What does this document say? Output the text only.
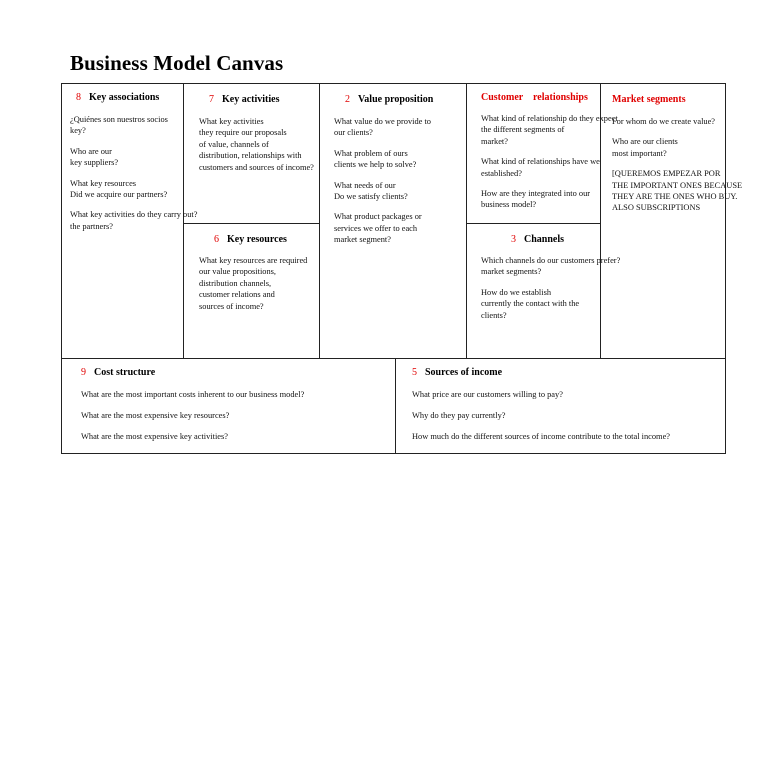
Business Model Canvas
8 Key associations
¿Quiénes son nuestros socios
key?
Who are our
key suppliers?
What key resources
Did we acquire our partners?
What key activities do they carry out?
the partners?
7 Key activities
What key activities
they require our proposals
of value, channels of
distribution, relationships with
customers and sources of income?
6 Key resources
What key resources are required
our value propositions,
distribution channels,
customer relations and
sources of income?
2 Value proposition
What value do we provide to
our clients?
What problem of ours
clients we help to solve?
What needs of our
Do we satisfy clients?
What product packages or
services we offer to each
market segment?
Customer    relationships
What kind of relationship do they expect
the different segments of
market?
What kind of relationships have we
established?
How are they integrated into our
business model?
3 Channels
Which channels do our customers prefer?
market segments?
How do we establish
currently the contact with the
clients?
Market segments
For whom do we create value?
Who are our clients
most important?
[QUEREMOS EMPEZAR POR
THE IMPORTANT ONES BECAUSE
THEY ARE THE ONES WHO BUY.
ALSO SUBSCRIPTIONS
9 Cost structure
What are the most important costs inherent to our business model?
What are the most expensive key resources?
What are the most expensive key activities?
5 Sources of income
What price are our customers willing to pay?
Why do they pay currently?
How much do the different sources of income contribute to the total income?
